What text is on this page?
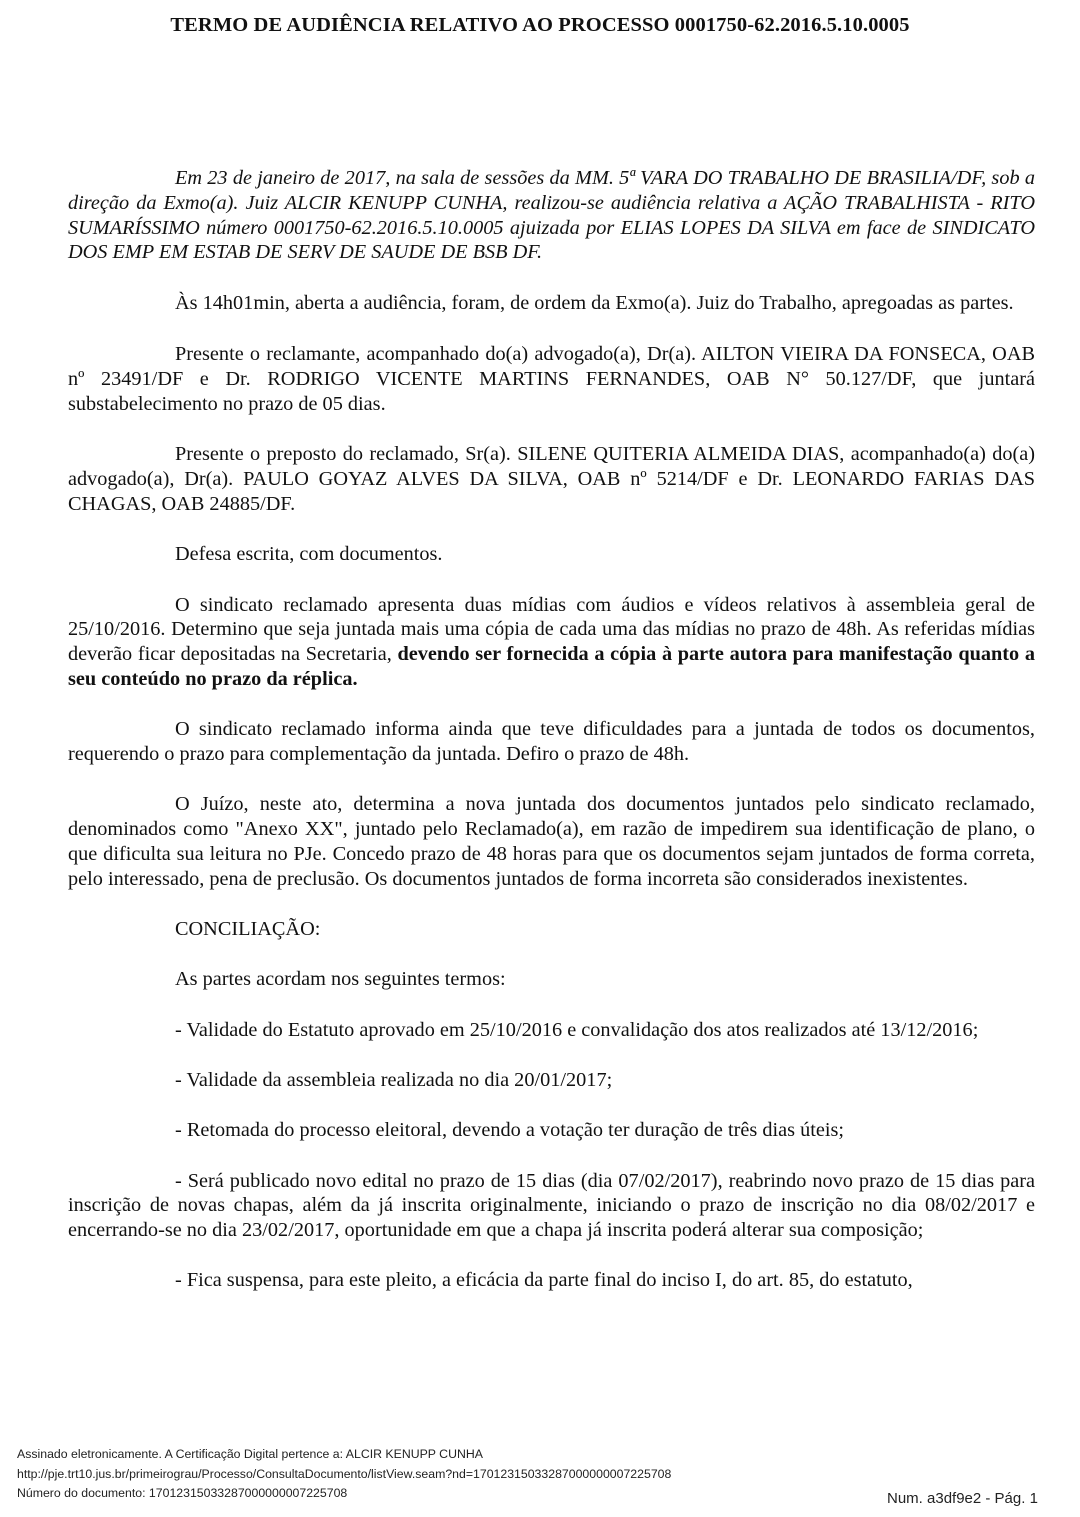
TERMO DE AUDIÊNCIA RELATIVO AO PROCESSO 0001750-62.2016.5.10.0005

Em 23 de janeiro de 2017, na sala de sessões da MM. 5ª VARA DO TRABALHO DE BRASILIA/DF, sob a direção da Exmo(a). Juiz ALCIR KENUPP CUNHA, realizou-se audiência relativa a AÇÃO TRABALHISTA - RITO SUMARÍSSIMO número 0001750-62.2016.5.10.0005 ajuizada por ELIAS LOPES DA SILVA em face de SINDICATO DOS EMP EM ESTAB DE SERV DE SAUDE DE BSB DF.

Às 14h01min, aberta a audiência, foram, de ordem da Exmo(a). Juiz do Trabalho, apregoadas as partes.

Presente o reclamante, acompanhado do(a) advogado(a), Dr(a). AILTON VIEIRA DA FONSECA, OAB nº 23491/DF e Dr. RODRIGO VICENTE MARTINS FERNANDES, OAB N° 50.127/DF, que juntará substabelecimento no prazo de 05 dias.

Presente o preposto do reclamado, Sr(a). SILENE QUITERIA ALMEIDA DIAS, acompanhado(a) do(a) advogado(a), Dr(a). PAULO GOYAZ ALVES DA SILVA, OAB nº 5214/DF e Dr. LEONARDO FARIAS DAS CHAGAS, OAB 24885/DF.

Defesa escrita, com documentos.

O sindicato reclamado apresenta duas mídias com áudios e vídeos relativos à assembleia geral de 25/10/2016. Determino que seja juntada mais uma cópia de cada uma das mídias no prazo de 48h. As referidas mídias deverão ficar depositadas na Secretaria, devendo ser fornecida a cópia à parte autora para manifestação quanto a seu conteúdo no prazo da réplica.

O sindicato reclamado informa ainda que teve dificuldades para a juntada de todos os documentos, requerendo o prazo para complementação da juntada. Defiro o prazo de 48h.

O Juízo, neste ato, determina a nova juntada dos documentos juntados pelo sindicato reclamado, denominados como "Anexo XX", juntado pelo Reclamado(a), em razão de impedirem sua identificação de plano, o que dificulta sua leitura no PJe. Concedo prazo de 48 horas para que os documentos sejam juntados de forma correta, pelo interessado, pena de preclusão. Os documentos juntados de forma incorreta são considerados inexistentes.

CONCILIAÇÃO:

As partes acordam nos seguintes termos:

- Validade do Estatuto aprovado em 25/10/2016 e convalidação dos atos realizados até 13/12/2016;

- Validade da assembleia realizada no dia 20/01/2017;

- Retomada do processo eleitoral, devendo a votação ter duração de três dias úteis;

- Será publicado novo edital no prazo de 15 dias (dia 07/02/2017), reabrindo novo prazo de 15 dias para inscrição de novas chapas, além da já inscrita originalmente, iniciando o prazo de inscrição no dia 08/02/2017 e encerrando-se no dia 23/02/2017, oportunidade em que a chapa já inscrita poderá alterar sua composição;

- Fica suspensa, para este pleito, a eficácia da parte final do inciso I, do art. 85, do estatuto,

Assinado eletronicamente. A Certificação Digital pertence a: ALCIR KENUPP CUNHA
http://pje.trt10.jus.br/primeirograu/Processo/ConsultaDocumento/listView.seam?nd=17012315033287000000007225708
Número do documento: 17012315033287000000007225708	Num. a3df9e2 - Pág. 1
